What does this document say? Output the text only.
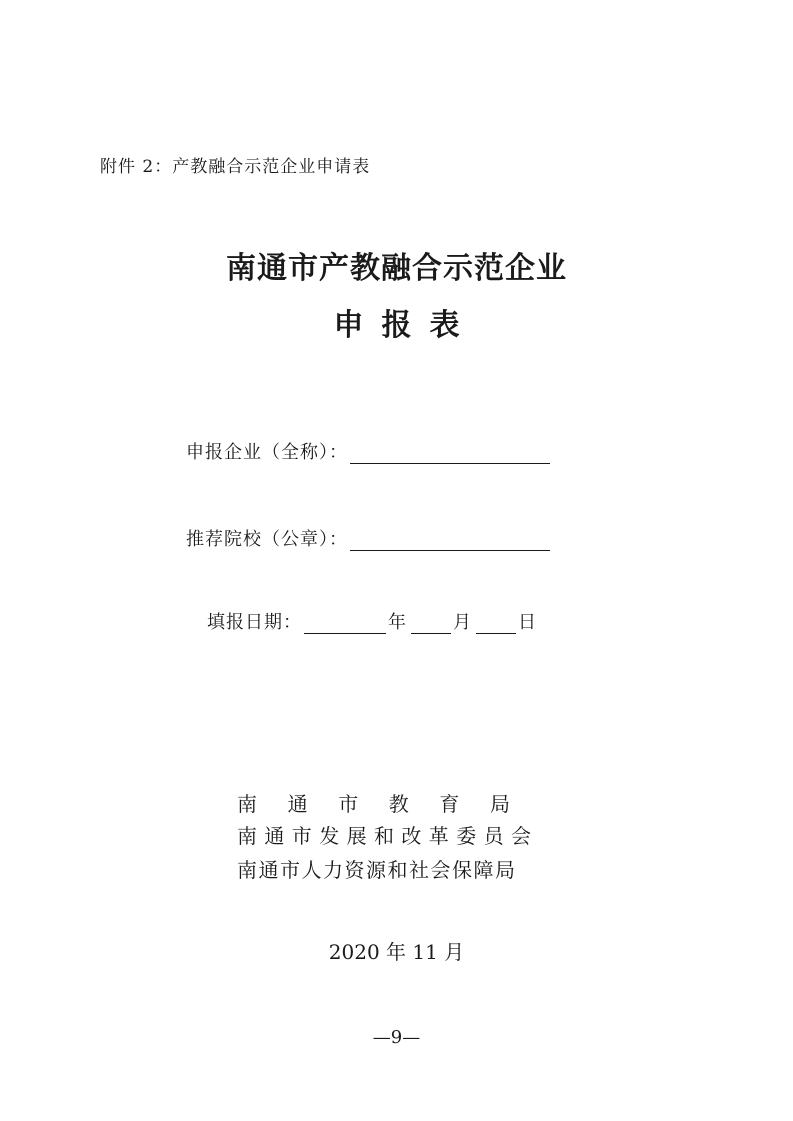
附件 2：产教融合示范企业申请表
南通市产教融合示范企业
申报表
申报企业（全称）：
推荐院校（公章）：
填报日期：	年	月	日
南通市教育局
南通市发展和改革委员会
南通市人力资源和社会保障局
2020 年 11 月
—9—
